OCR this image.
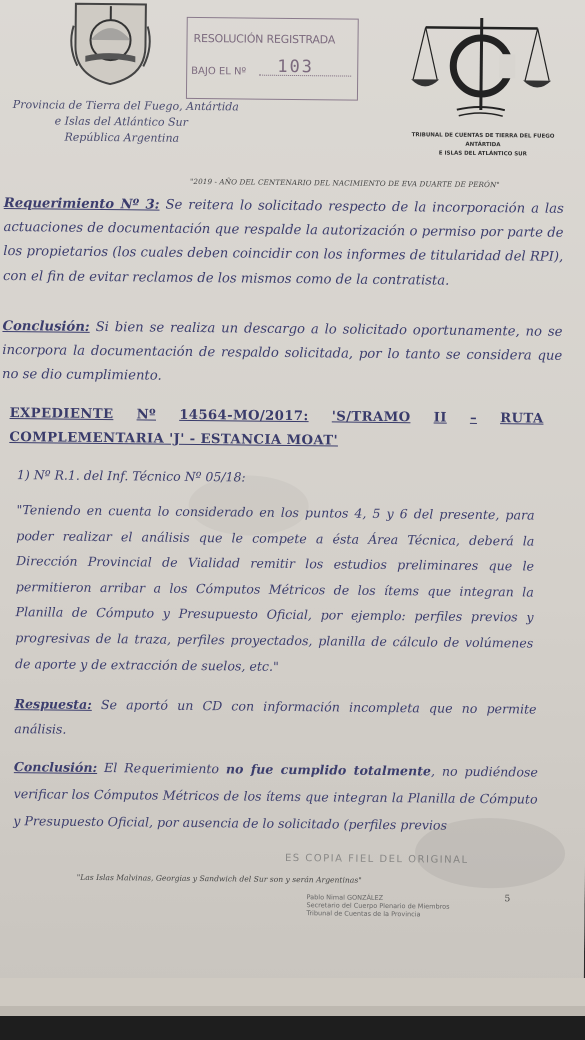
Provincia de Tierra del Fuego, Antártida
e Islas del Atlántico Sur
República Argentina
RESOLUCIÓN REGISTRADA
BAJO EL Nº 103
TRIBUNAL DE CUENTAS DE TIERRA DEL FUEGO
ANTÁRTIDA
E ISLAS DEL ATLÁNTICO SUR
"2019 - AÑO DEL CENTENARIO DEL NACIMIENTO DE EVA DUARTE DE PERÓN"
Requerimiento Nº 3: Se reitera lo solicitado respecto de la incorporación a las actuaciones de documentación que respalde la autorización o permiso por parte de los propietarios (los cuales deben coincidir con los informes de titularidad del RPI), con el fin de evitar reclamos de los mismos como de la contratista.
Conclusión: Si bien se realiza un descargo a lo solicitado oportunamente, no se incorpora la documentación de respaldo solicitada, por lo tanto se considera que no se dio cumplimiento.
EXPEDIENTE Nº 14564-MO/2017: 'S/TRAMO II – RUTA
COMPLEMENTARIA 'J' - ESTANCIA MOAT'
1) Nº R.1. del Inf. Técnico Nº 05/18:
"Teniendo en cuenta lo considerado en los puntos 4, 5 y 6 del presente, para poder realizar el análisis que le compete a ésta Área Técnica, deberá la Dirección Provincial de Vialidad remitir los estudios preliminares que le permitieron arribar a los Cómputos Métricos de los ítems que integran la Planilla de Cómputo y Presupuesto Oficial, por ejemplo: perfiles previos y progresivas de la traza, perfiles proyectados, planilla de cálculo de volúmenes de aporte y de extracción de suelos, etc."
Respuesta: Se aportó un CD con información incompleta que no permite análisis.
Conclusión: El Requerimiento no fue cumplido totalmente, no pudiéndose verificar los Cómputos Métricos de los ítems que integran la Planilla de Cómputo y Presupuesto Oficial, por ausencia de lo solicitado (perfiles previos
ES COPIA FIEL DEL ORIGINAL
"Las Islas Malvinas, Georgias y Sandwich del Sur son y serán Argentinas"
5
Pablo Nimal GONZÁLEZ
Secretario del Cuerpo Plenario de Miembros
Tribunal de Cuentas de la Provincia
